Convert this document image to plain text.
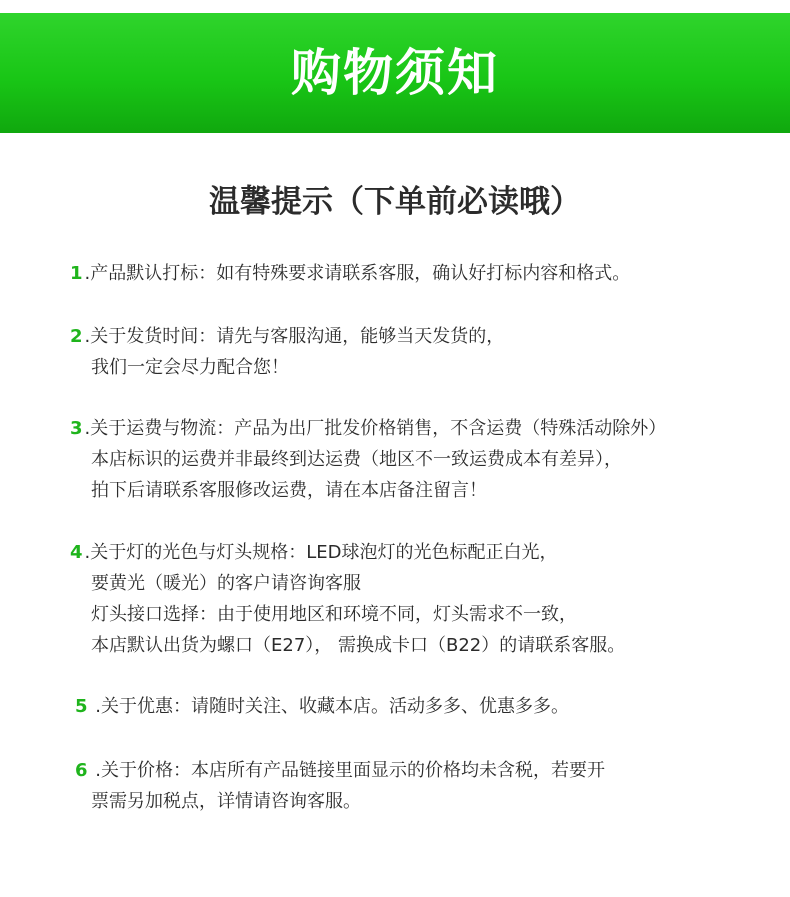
购物须知
温馨提示（下单前必读哦）
1 .产品默认打标：如有特殊要求请联系客服，确认好打标内容和格式。
2 .关于发货时间：请先与客服沟通，能够当天发货的，
我们一定会尽力配合您！
3 .关于运费与物流：产品为出厂批发价格销售，不含运费（特殊活动除外）
本店标识的运费并非最终到达运费（地区不一致运费成本有差异），
拍下后请联系客服修改运费，请在本店备注留言！
4 .关于灯的光色与灯头规格：LED球泡灯的光色标配正白光，
要黄光（暖光）的客户请咨询客服
灯头接口选择：由于使用地区和环境不同，灯头需求不一致，
本店默认出货为螺口（E27）， 需换成卡口（B22）的请联系客服。
5 .关于优惠：请随时关注、收藏本店。活动多多、优惠多多。
6 .关于价格：本店所有产品链接里面显示的价格均未含税，若要开
票需另加税点，详情请咨询客服。
